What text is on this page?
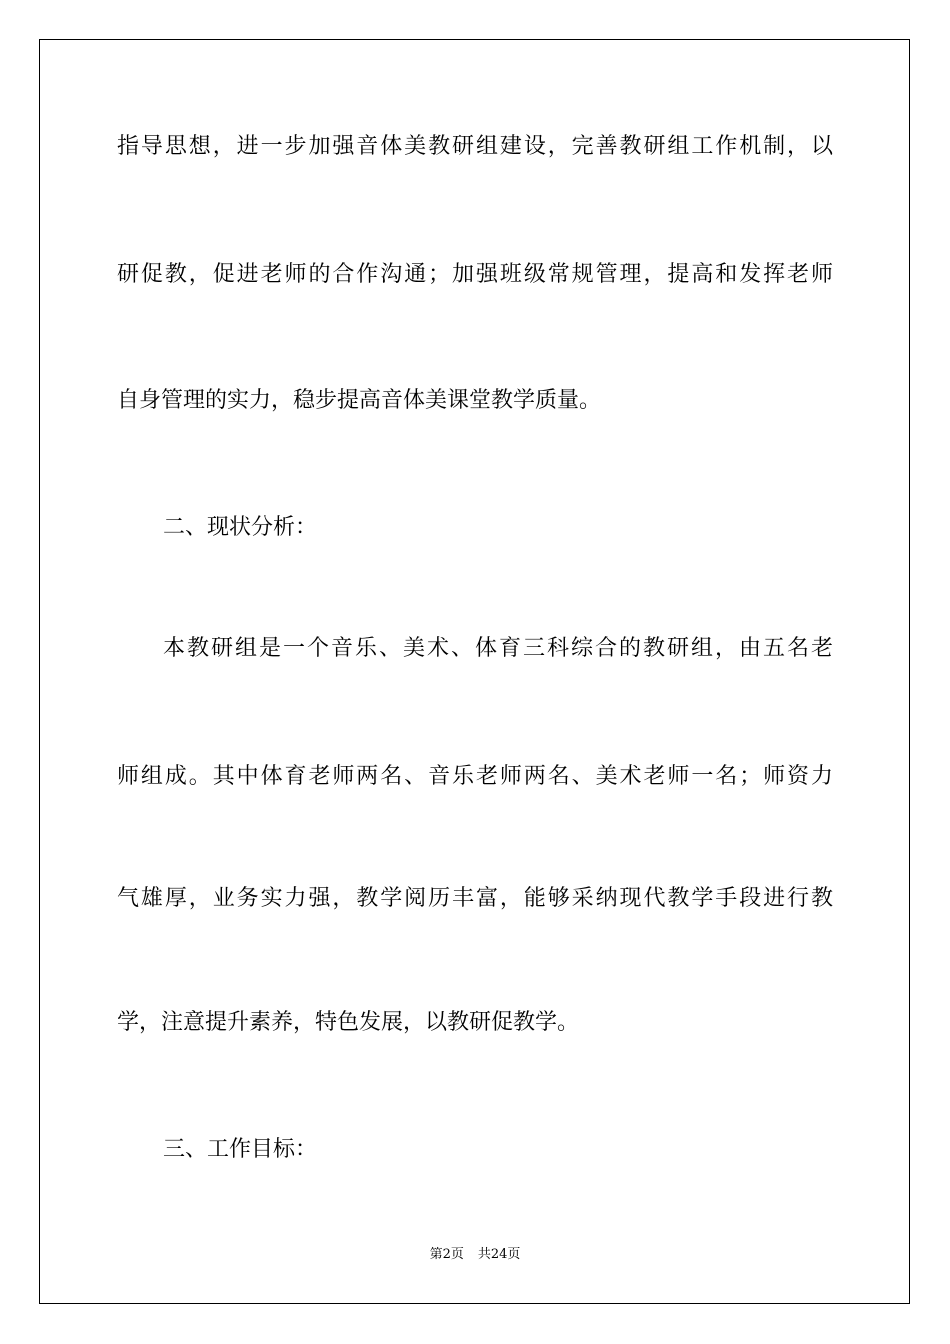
指导思想，进一步加强音体美教研组建设，完善教研组工作机制，以
研促教，促进老师的合作沟通；加强班级常规管理，提高和发挥老师
自身管理的实力，稳步提高音体美课堂教学质量。
二、现状分析：
本教研组是一个音乐、美术、体育三科综合的教研组，由五名老
师组成。其中体育老师两名、音乐老师两名、美术老师一名；师资力
气雄厚，业务实力强，教学阅历丰富，能够采纳现代教学手段进行教
学，注意提升素养，特色发展，以教研促教学。
三、工作目标：
第2页 共24页
